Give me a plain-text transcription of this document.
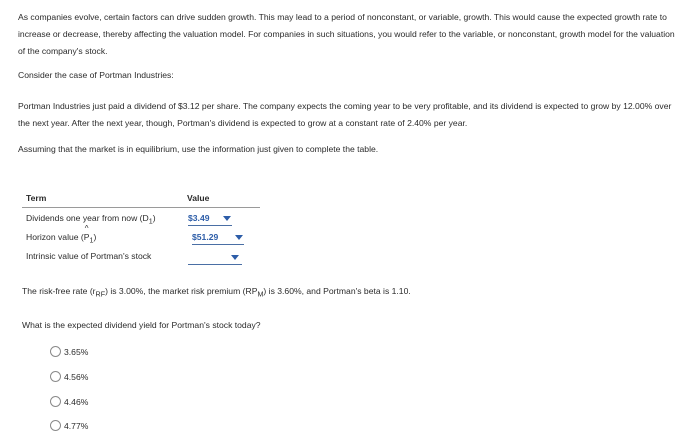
As companies evolve, certain factors can drive sudden growth. This may lead to a period of nonconstant, or variable, growth. This would cause the expected growth rate to increase or decrease, thereby affecting the valuation model. For companies in such situations, you would refer to the variable, or nonconstant, growth model for the valuation of the company's stock.

Consider the case of Portman Industries:

Portman Industries just paid a dividend of $3.12 per share. The company expects the coming year to be very profitable, and its dividend is expected to grow by 12.00% over the next year. After the next year, though, Portman's dividend is expected to grow at a constant rate of 2.40% per year.

Assuming that the market is in equilibrium, use the information just given to complete the table.

Term	Value
Dividends one year from now $(D_1)$
Horizon value (^ $P_1$)
Intrinsic value of Portman's stock
$3.49
$51.29
The risk-free rate $(r_{RF})$ is 3.00%, the market risk premium $(RP_M)$ is 3.60%, and Portman's beta is 1.10.
What is the expected dividend yield for Portman's stock today?
3.65%
4.56%
4.46%
4.77%
